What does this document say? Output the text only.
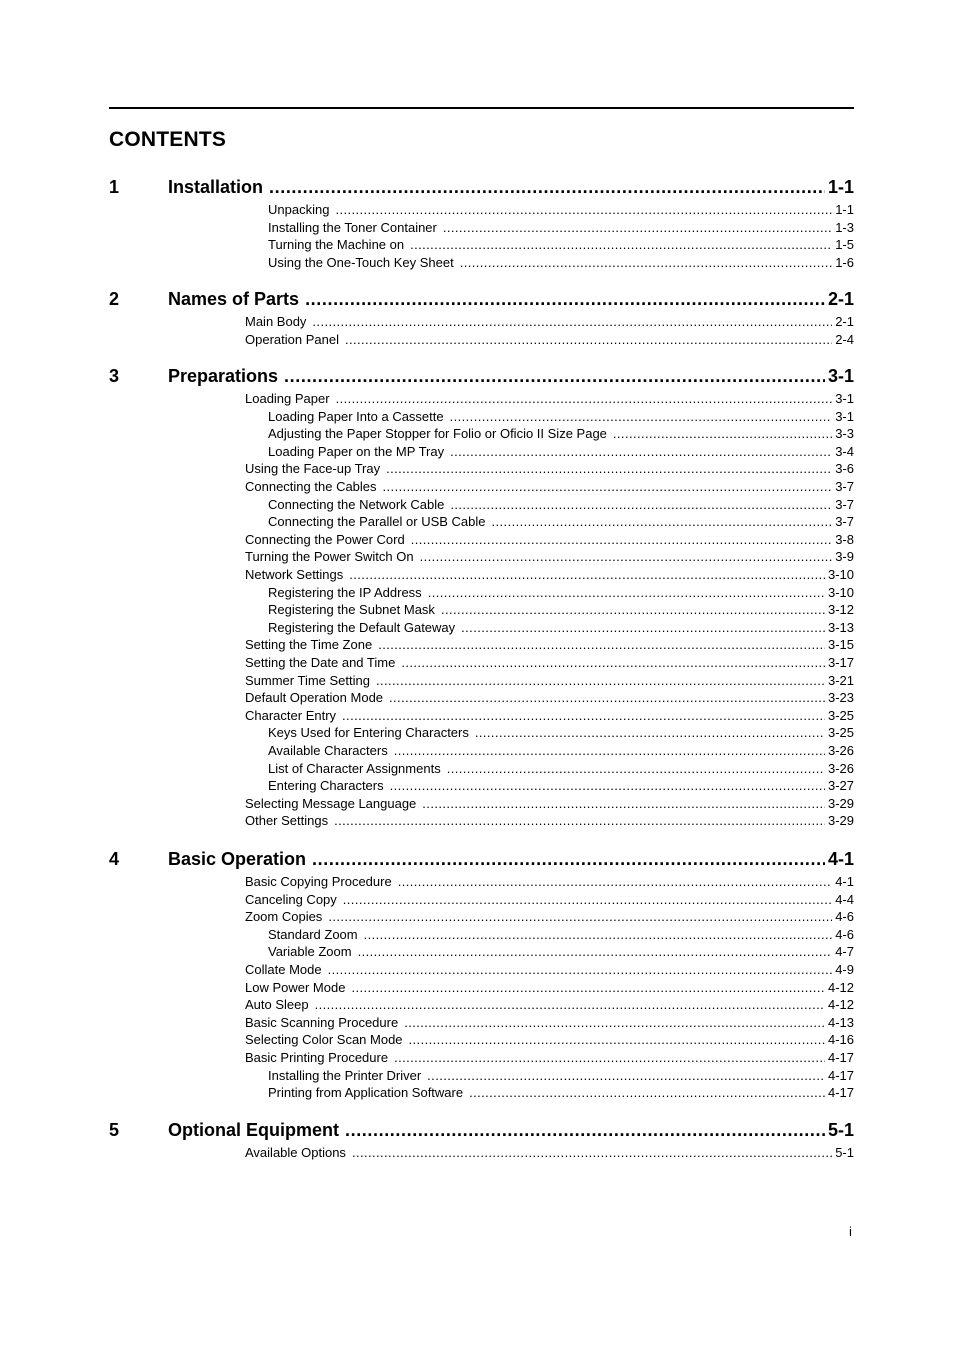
CONTENTS
1	Installation .....	1-1
Unpacking .....	1-1
Installing the Toner Container .....	1-3
Turning the Machine on .....	1-5
Using the One-Touch Key Sheet .....	1-6
2	Names of Parts .....	2-1
Main Body .....	2-1
Operation Panel .....	2-4
3	Preparations .....	3-1
Loading Paper .....	3-1
Loading Paper Into a Cassette .....	3-1
Adjusting the Paper Stopper for Folio or Oficio II Size Page .....	3-3
Loading Paper on the MP Tray .....	3-4
Using the Face-up Tray .....	3-6
Connecting the Cables .....	3-7
Connecting the Network Cable .....	3-7
Connecting the Parallel or USB Cable .....	3-7
Connecting the Power Cord .....	3-8
Turning the Power Switch On .....	3-9
Network Settings .....	3-10
Registering the IP Address .....	3-10
Registering the Subnet Mask .....	3-12
Registering the Default Gateway .....	3-13
Setting the Time Zone .....	3-15
Setting the Date and Time .....	3-17
Summer Time Setting .....	3-21
Default Operation Mode .....	3-23
Character Entry .....	3-25
Keys Used for Entering Characters .....	3-25
Available Characters .....	3-26
List of Character Assignments .....	3-26
Entering Characters .....	3-27
Selecting Message Language .....	3-29
Other Settings .....	3-29
4	Basic Operation .....	4-1
Basic Copying Procedure .....	4-1
Canceling Copy .....	4-4
Zoom Copies .....	4-6
Standard Zoom .....	4-6
Variable Zoom .....	4-7
Collate Mode .....	4-9
Low Power Mode .....	4-12
Auto Sleep .....	4-12
Basic Scanning Procedure .....	4-13
Selecting Color Scan Mode .....	4-16
Basic Printing Procedure .....	4-17
Installing the Printer Driver .....	4-17
Printing from Application Software .....	4-17
5	Optional Equipment .....	5-1
Available Options .....	5-1
i
